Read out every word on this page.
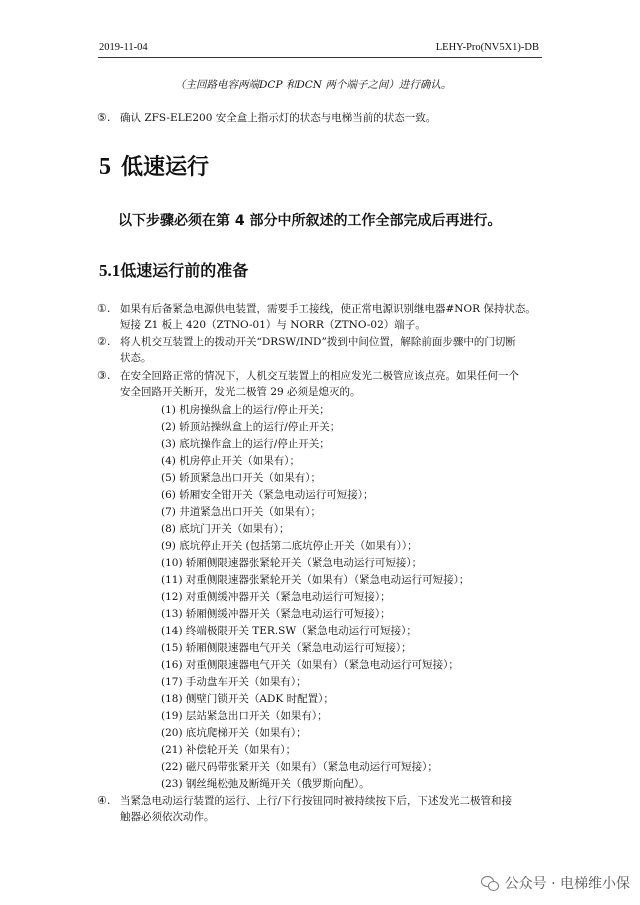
2019-11-04	LEHY-Pro(NV5X1)-DB
（主回路电容两端DCP 和DCN 两个端子之间）进行确认。
⑤. 确认 ZFS-ELE200 安全盒上指示灯的状态与电梯当前的状态一致。
5 低速运行
以下步骤必须在第 4 部分中所叙述的工作全部完成后再进行。
5.1低速运行前的准备
①. 如果有后备紧急电源供电装置，需要手工接线，使正常电源识别继电器#NOR 保持状态。
短接 Z1 板上 420（ZTNO-01）与 NORR（ZTNO-02）端子。
②. 将人机交互装置上的拨动开关“DRSW/IND”拨到中间位置，解除前面步骤中的门切断
状态。
③. 在安全回路正常的情况下，人机交互装置上的相应发光二极管应该点亮。如果任何一个
安全回路开关断开，发光二极管 29 必须是熄灭的。
(1) 机房操纵盒上的运行/停止开关；
(2) 轿顶站操纵盒上的运行/停止开关；
(3) 底坑操作盒上的运行/停止开关；
(4) 机房停止开关（如果有）；
(5) 轿顶紧急出口开关（如果有）；
(6) 轿厢安全钳开关（紧急电动运行可短接）；
(7) 井道紧急出口开关（如果有）；
(8) 底坑门开关（如果有）；
(9) 底坑停止开关 (包括第二底坑停止开关（如果有））；
(10) 轿厢侧限速器张紧轮开关（紧急电动运行可短接）；
(11) 对重侧限速器张紧轮开关（如果有）（紧急电动运行可短接）；
(12) 对重侧缓冲器开关（紧急电动运行可短接）；
(13) 轿厢侧缓冲器开关（紧急电动运行可短接）；
(14) 终端极限开关 TER.SW（紧急电动运行可短接）；
(15) 轿厢侧限速器电气开关（紧急电动运行可短接）；
(16) 对重侧限速器电气开关（如果有）（紧急电动运行可短接）；
(17) 手动盘车开关（如果有）；
(18) 侧壁门锁开关（ADK 时配置）；
(19) 层站紧急出口开关（如果有）；
(20) 底坑爬梯开关（如果有）；
(21) 补偿轮开关（如果有）；
(22) 磁尺码带张紧开关（如果有）（紧急电动运行可短接）；
(23) 钢丝绳松弛及断绳开关（俄罗斯向配）。
④. 当紧急电动运行装置的运行、上行/下行按钮同时被持续按下后，下述发光二极管和接
触器必须依次动作。
公众号 · 电梯维小保
